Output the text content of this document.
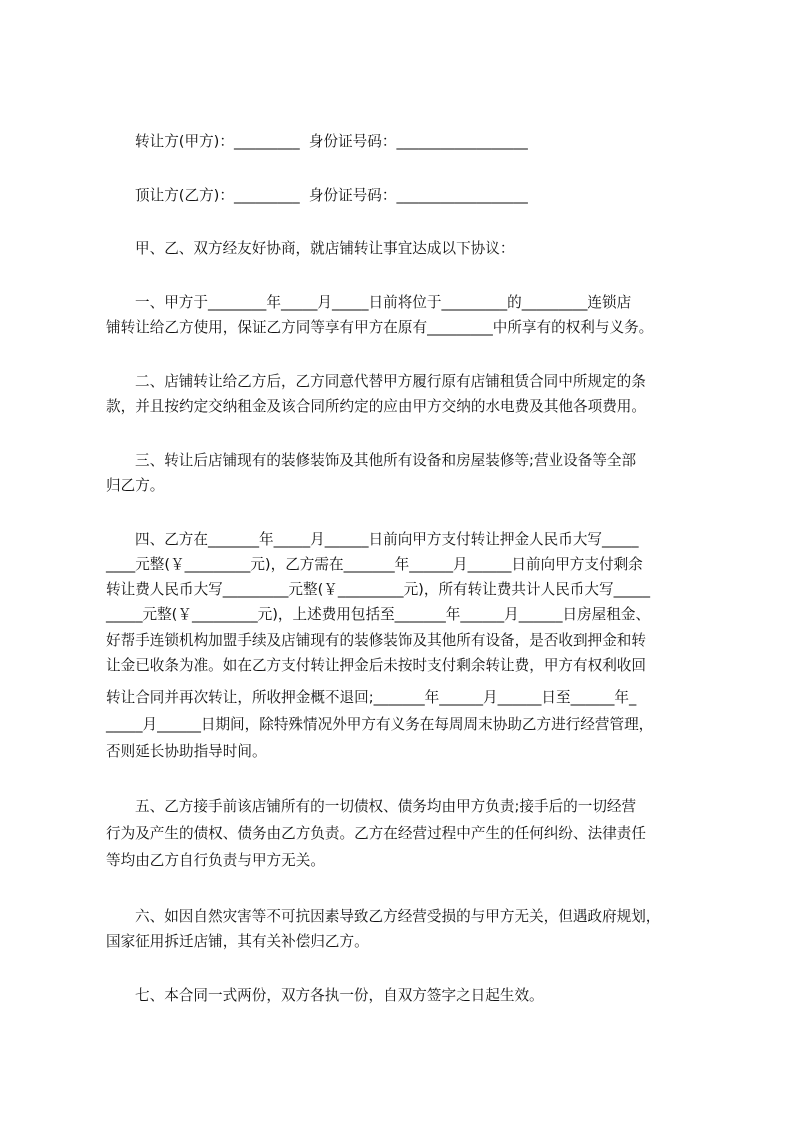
转让方(甲方)：_________  身份证号码：__________________
顶让方(乙方)：_________  身份证号码：__________________
甲、乙、双方经友好协商，就店铺转让事宜达成以下协议：
一、甲方于________年_____月_____日前将位于_________的_________连锁店
铺转让给乙方使用，保证乙方同等享有甲方在原有_________中所享有的权利与义务。
二、店铺转让给乙方后，乙方同意代替甲方履行原有店铺租赁合同中所规定的条
款，并且按约定交纳租金及该合同所约定的应由甲方交纳的水电费及其他各项费用。
三、转让后店铺现有的装修装饰及其他所有设备和房屋装修等;营业设备等全部
归乙方。
四、乙方在_______年_____月______日前向甲方支付转让押金人民币大写_____
____元整(￥_________元)，乙方需在_______年______月______日前向甲方支付剩余
转让费人民币大写_________元整(￥_________元)，所有转让费共计人民币大写_____
_____元整(￥_________元)，上述费用包括至_______年______月______日房屋租金、
好帮手连锁机构加盟手续及店铺现有的装修装饰及其他所有设备，是否收到押金和转
让金已收条为准。如在乙方支付转让押金后未按时支付剩余转让费，甲方有权利收回
转让合同并再次转让，所收押金概不退回;_______年______月______日至______年_
_____月______日期间，除特殊情况外甲方有义务在每周周末协助乙方进行经营管理，
否则延长协助指导时间。
五、乙方接手前该店铺所有的一切债权、债务均由甲方负责;接手后的一切经营
行为及产生的债权、债务由乙方负责。乙方在经营过程中产生的任何纠纷、法律责任
等均由乙方自行负责与甲方无关。
六、如因自然灾害等不可抗因素导致乙方经营受损的与甲方无关，但遇政府规划，
国家征用拆迁店铺，其有关补偿归乙方。
七、本合同一式两份，双方各执一份，自双方签字之日起生效。
